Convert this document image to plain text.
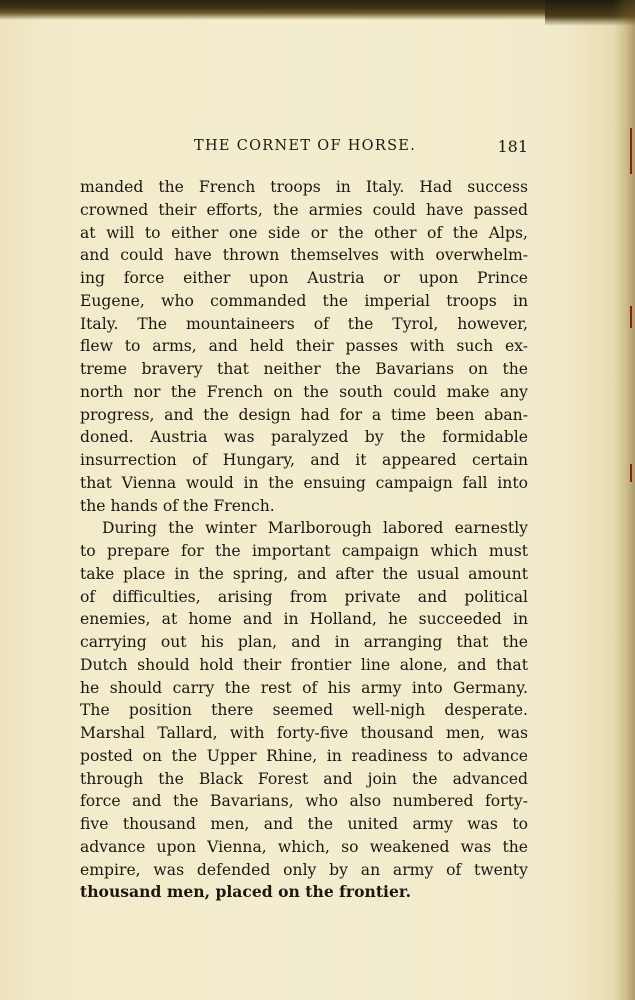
THE CORNET OF HORSE.	181
manded the French troops in Italy. Had success
crowned their efforts, the armies could have passed
at will to either one side or the other of the Alps,
and could have thrown themselves with overwhelm-
ing force either upon Austria or upon Prince
Eugene, who commanded the imperial troops in
Italy. The mountaineers of the Tyrol, however,
flew to arms, and held their passes with such ex-
treme bravery that neither the Bavarians on the
north nor the French on the south could make any
progress, and the design had for a time been aban-
doned. Austria was paralyzed by the formidable
insurrection of Hungary, and it appeared certain
that Vienna would in the ensuing campaign fall into
the hands of the French.
During the winter Marlborough labored earnestly
to prepare for the important campaign which must
take place in the spring, and after the usual amount
of difficulties, arising from private and political
enemies, at home and in Holland, he succeeded in
carrying out his plan, and in arranging that the
Dutch should hold their frontier line alone, and that
he should carry the rest of his army into Germany.
The position there seemed well-nigh desperate.
Marshal Tallard, with forty-five thousand men, was
posted on the Upper Rhine, in readiness to advance
through the Black Forest and join the advanced
force and the Bavarians, who also numbered forty-
five thousand men, and the united army was to
advance upon Vienna, which, so weakened was the
empire, was defended only by an army of twenty
thousand men, placed on the frontier.
